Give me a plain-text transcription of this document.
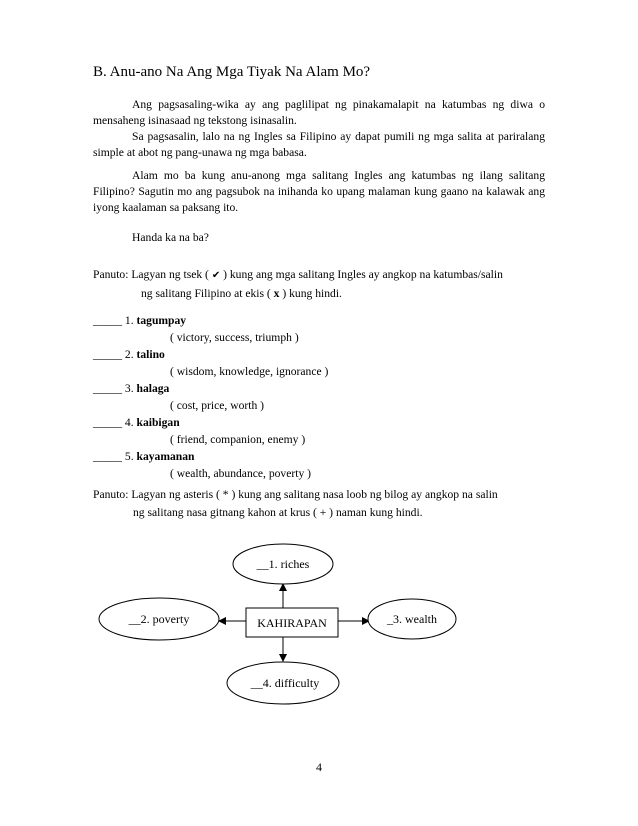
B. Anu-ano Na Ang Mga Tiyak Na Alam Mo?

Ang pagsasaling-wika ay ang paglilipat ng pinakamalapit na katumbas ng diwa o mensaheng isinasaad ng tekstong isinasalin.

Sa pagsasalin, lalo na ng Ingles sa Filipino ay dapat pumili ng mga salita at pariralang simple at abot ng pang-unawa ng mga babasa.

Alam mo ba kung anu-anong mga salitang Ingles ang katumbas ng ilang salitang Filipino? Sagutin mo ang pagsubok na inihanda ko upang malaman kung gaano na kalawak ang iyong kaalaman sa paksang ito.

Handa ka na ba?

Panuto: Lagyan ng tsek ( ✔ ) kung ang mga salitang Ingles ay angkop na katumbas/salin
ng salitang Filipino at ekis ( x ) kung hindi.
_____ 1. tagumpay
( victory, success, triumph )
_____ 2. talino
( wisdom, knowledge, ignorance )
_____ 3. halaga
( cost, price, worth )
_____ 4. kaibigan
( friend, companion, enemy )
_____ 5. kayamanan
( wealth, abundance, poverty )
Panuto: Lagyan ng asteris ( * ) kung ang salitang nasa loob ng bilog ay angkop na salin
ng salitang nasa gitnang kahon at krus ( + ) naman kung hindi.
KAHIRAPAN
__1. riches
__2. poverty	_3. wealth
__4. difficulty
4
